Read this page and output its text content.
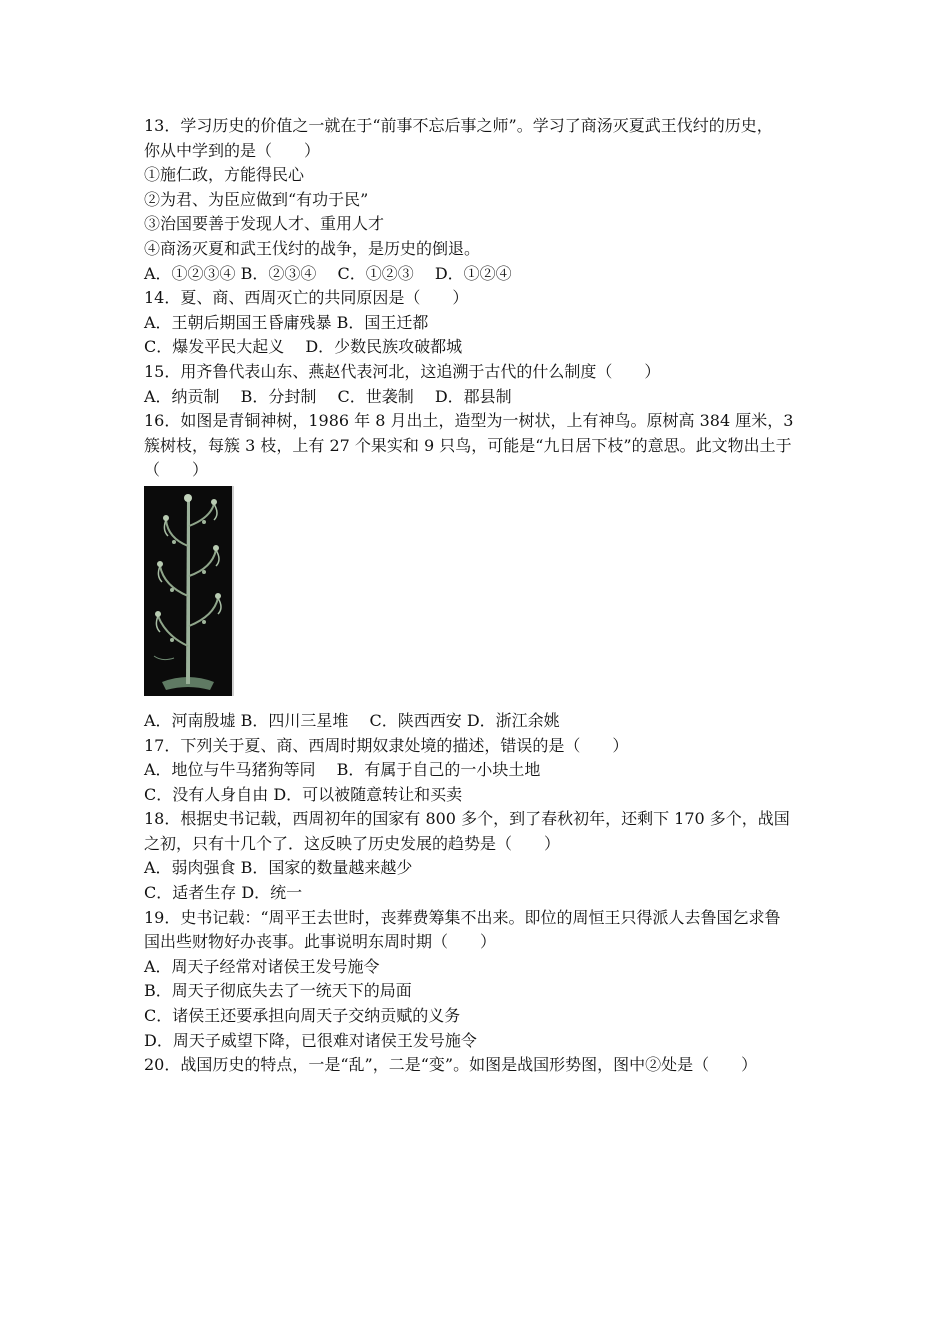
13．学习历史的价值之一就在于“前事不忘后事之师”。学习了商汤灭夏武王伐纣的历史，
你从中学到的是（　　）
①施仁政，方能得民心
②为君、为臣应做到“有功于民”
③治国要善于发现人才、重用人才
④商汤灭夏和武王伐纣的战争，是历史的倒退。
A．①②③④ B．②③④　 C．①②③　 D．①②④
14．夏、商、西周灭亡的共同原因是（　　）
A．王朝后期国王昏庸残暴 B．国王迁都
C．爆发平民大起义　 D．少数民族攻破都城
15．用齐鲁代表山东、燕赵代表河北，这追溯于古代的什么制度（　　）
A．纳贡制　 B．分封制　 C．世袭制　 D．郡县制
16．如图是青铜神树，1986 年 8 月出土，造型为一树状，上有神鸟。原树高 384 厘米，3
簇树枝，每簇 3 枝，上有 27 个果实和 9 只鸟，可能是“九日居下枝”的意思。此文物出土于
（　　）
A．河南殷墟 B．四川三星堆　 C．陕西西安 D．浙江余姚
17．下列关于夏、商、西周时期奴隶处境的描述，错误的是（　　）
A．地位与牛马猪狗等同　 B．有属于自己的一小块土地
C．没有人身自由 D．可以被随意转让和买卖
18．根据史书记载，西周初年的国家有 800 多个，到了春秋初年，还剩下 170 多个，战国
之初，只有十几个了．这反映了历史发展的趋势是（　　）
A．弱肉强食 B．国家的数量越来越少
C．适者生存 D．统一
19．史书记载：“周平王去世时，丧葬费筹集不出来。即位的周恒王只得派人去鲁国乞求鲁
国出些财物好办丧事。此事说明东周时期（　　）
A．周天子经常对诸侯王发号施令
B．周天子彻底失去了一统天下的局面
C．诸侯王还要承担向周天子交纳贡赋的义务
D．周天子威望下降，已很难对诸侯王发号施令
20．战国历史的特点，一是“乱”，二是“变”。如图是战国形势图，图中②处是（　　）
